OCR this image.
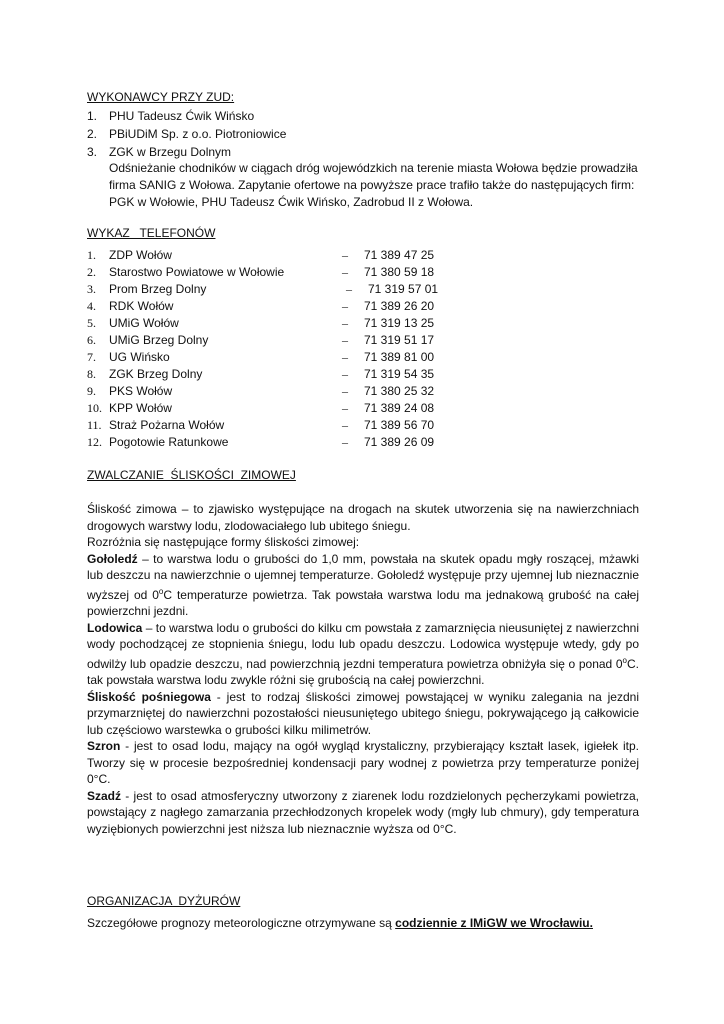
WYKONAWCY PRZY ZUD:
1. PHU Tadeusz Ćwik Wińsko
2. PBiUDiM Sp. z o.o. Piotroniowice
3. ZGK w Brzegu Dolnym
Odśnieżanie chodników w ciągach dróg wojewódzkich na terenie miasta Wołowa będzie prowadziła firma SANIG z Wołowa. Zapytanie ofertowe na powyższe prace trafiło także do następujących firm: PGK w Wołowie, PHU Tadeusz Ćwik Wińsko, Zadrobud II z Wołowa.
WYKAZ   TELEFONÓW
1.	ZDP Wołów	–	71 389 47 25
2.	Starostwo Powiatowe w Wołowie	–	71 380 59 18
3.	Prom Brzeg Dolny	–	71 319 57 01
4.	RDK Wołów	–	71 389 26 20
5.	UMiG Wołów	–	71 319 13 25
6.	UMiG Brzeg Dolny	–	71 319 51 17
7.	UG Wińsko	–	71 389 81 00
8.	ZGK Brzeg Dolny	–	71 319 54 35
9.	PKS Wołów	–	71 380 25 32
10. KPP Wołów	–	71 389 24 08
11. Straż Pożarna Wołów	–	71 389 56 70
12. Pogotowie Ratunkowe	–	71 389 26 09
ZWALCZANIE  ŚLISKOŚCI  ZIMOWEJ

Śliskość zimowa – to zjawisko występujące na drogach na skutek utworzenia się na nawierzchniach drogowych warstwy lodu, zlodowaciałego lub ubitego śniegu.

Rozróżnia się następujące formy śliskości zimowej:

Gołoledź – to warstwa lodu o grubości do 1,0 mm, powstała na skutek opadu mgły roszącej, mżawki lub deszczu na nawierzchnie o ujemnej temperaturze. Gołoledź występuje przy ujemnej lub nieznacznie wyższej od 0$^o$C temperaturze powietrza. Tak powstała warstwa lodu ma jednakową grubość na całej powierzchni jezdni.

Lodowica – to warstwa lodu o grubości do kilku cm powstała z zamarznięcia nieusuniętej z nawierzchni wody pochodzącej ze stopnienia śniegu, lodu lub opadu deszczu. Lodowica występuje wtedy, gdy po odwilży lub opadzie deszczu, nad powierzchnią jezdni temperatura powietrza obniżyła się o ponad 0$^o$C. tak powstała warstwa lodu zwykle różni się grubością na całej powierzchni.

Śliskość pośniegowa - jest to rodzaj śliskości zimowej powstającej w wyniku zalegania na jezdni przymarzniętej do nawierzchni pozostałości nieusuniętego ubitego śniegu, pokrywającego ją całkowicie lub częściowo warstewka o grubości kilku milimetrów.

Szron - jest to osad lodu, mający na ogół wygląd krystaliczny, przybierający kształt lasek, igiełek itp. Tworzy się w procesie bezpośredniej kondensacji pary wodnej z powietrza przy temperaturze poniżej 0°C.

Szadź - jest to osad atmosferyczny utworzony z ziarenek lodu rozdzielonych pęcherzykami powietrza, powstający z nagłego zamarzania przechłodzonych kropelek wody (mgły lub chmury), gdy temperatura wyziębionych powierzchni jest niższa lub nieznacznie wyższa od 0°C.

ORGANIZACJA  DYŻURÓW

Szczegółowe prognozy meteorologiczne otrzymywane są codziennie z IMiGW we Wrocławiu.
